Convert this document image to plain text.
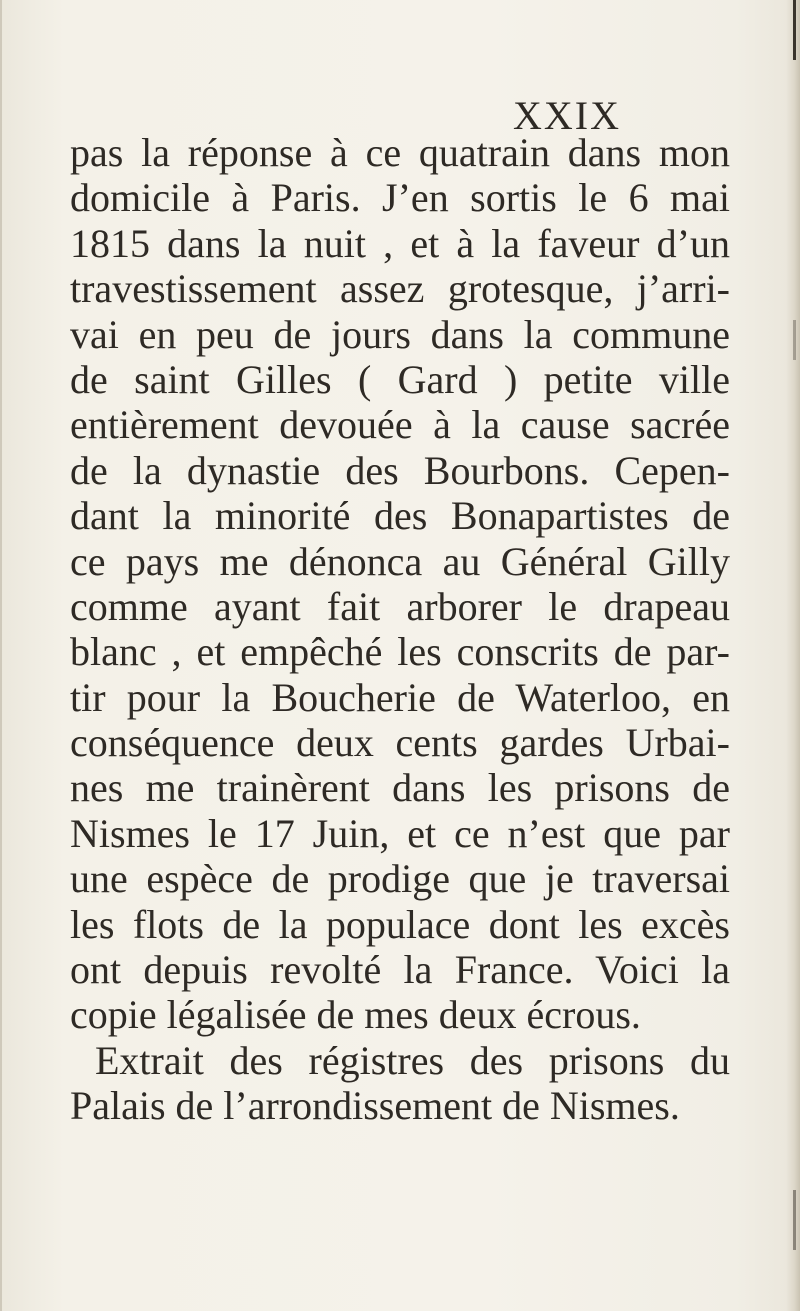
XXIX
pas la réponse à ce quatrain dans mon
domicile à Paris. J’en sortis le 6 mai
1815 dans la nuit , et à la faveur d’un
travestissement assez grotesque, j’arri-
vai en peu de jours dans la commune
de saint Gilles ( Gard ) petite ville
entièrement devouée à la cause sacrée
de la dynastie des Bourbons. Cepen-
dant la minorité des Bonapartistes de
ce pays me dénonca au Général Gilly
comme ayant fait arborer le drapeau
blanc , et empêché les conscrits de par-
tir pour la Boucherie de Waterloo, en
conséquence deux cents gardes Urbai-
nes me trainèrent dans les prisons de
Nismes le 17 Juin, et ce n’est que par
une espèce de prodige que je traversai
les flots de la populace dont les excès
ont depuis revolté la France. Voici la
copie légalisée de mes deux écrous.
Extrait des régistres des prisons du
Palais de l’arrondissement de Nismes.
